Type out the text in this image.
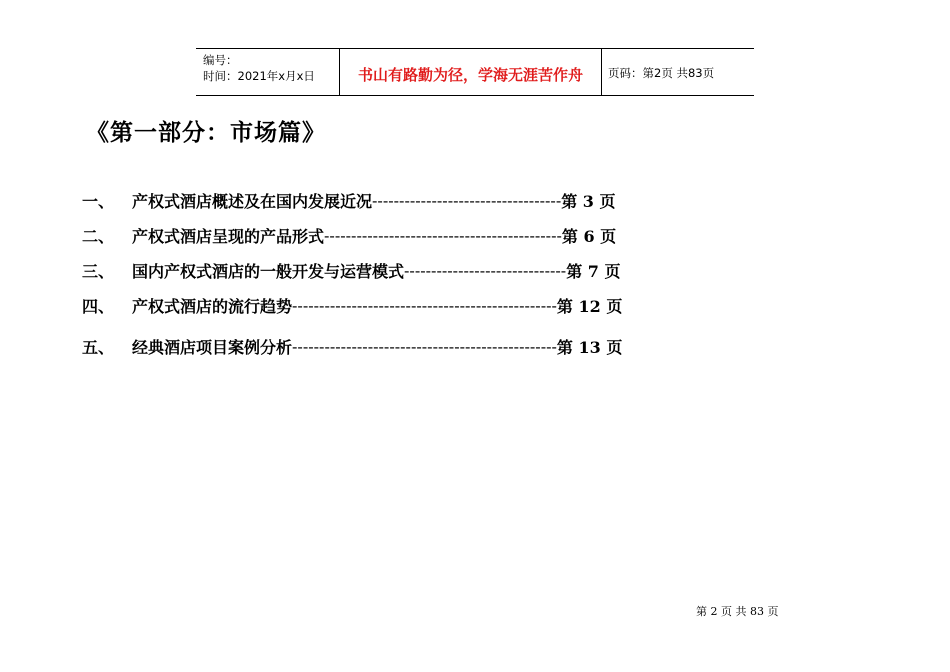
编号：
时间：2021年x月x日	书山有路勤为径，学海无涯苦作舟	页码：第2页 共83页
《第一部分：市场篇》
一、	产权式酒店概述及在国内发展近况 ----------------------------------- 第 3 页
二、	产权式酒店呈现的产品形式 -------------------------------------------- 第 6 页
三、	国内产权式酒店的一般开发与运营模式 ------------------------------ 第 7 页
四、	产权式酒店的流行趋势 ------------------------------------------------- 第 12 页
五、	经典酒店项目案例分析 ------------------------------------------------- 第 13 页
第 2 页 共 83 页
